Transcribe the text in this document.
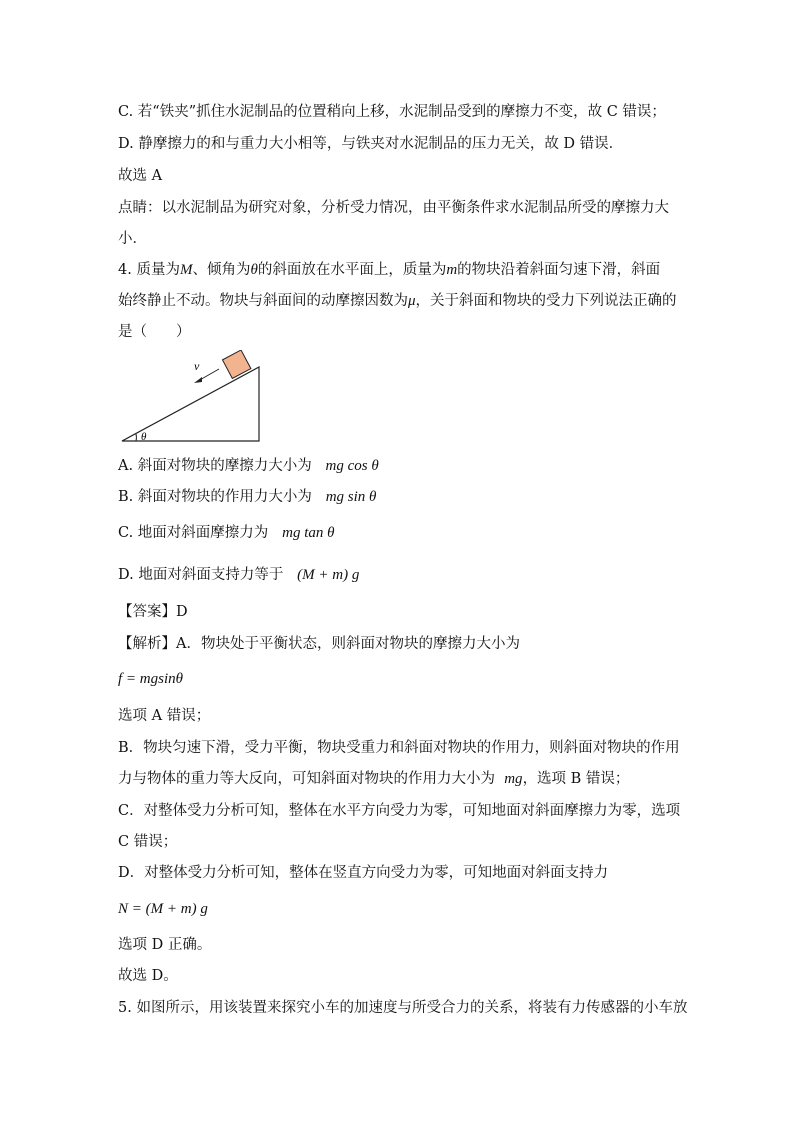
C. 若“铁夹”抓住水泥制品的位置稍向上移，水泥制品受到的摩擦力不变，故 C 错误；
D. 静摩擦力的和与重力大小相等，与铁夹对水泥制品的压力无关，故 D 错误．
故选 A
点睛：以水泥制品为研究对象，分析受力情况，由平衡条件求水泥制品所受的摩擦力大
小．
4. 质量为M、倾角为θ的斜面放在水平面上，质量为m的物块沿着斜面匀速下滑，斜面
始终静止不动。物块与斜面间的动摩擦因数为μ，关于斜面和物块的受力下列说法正确的
是（　　）
v
θ
A. 斜面对物块的摩擦力大小为 mg cos θ
B. 斜面对物块的作用力大小为 mg sin θ
C. 地面对斜面摩擦力为 mg tan θ
D. 地面对斜面支持力等于 (M + m) g
【答案】D
【解析】A．物块处于平衡状态，则斜面对物块的摩擦力大小为
f = mgsinθ
选项 A 错误；
B．物块匀速下滑，受力平衡，物块受重力和斜面对物块的作用力，则斜面对物块的作用
力与物体的重力等大反向，可知斜面对物块的作用力大小为 mg，选项 B 错误；
C．对整体受力分析可知，整体在水平方向受力为零，可知地面对斜面摩擦力为零，选项
C 错误；
D．对整体受力分析可知，整体在竖直方向受力为零，可知地面对斜面支持力
N = (M + m) g
选项 D 正确。
故选 D。
5. 如图所示，用该装置来探究小车的加速度与所受合力的关系，将装有力传感器的小车放
